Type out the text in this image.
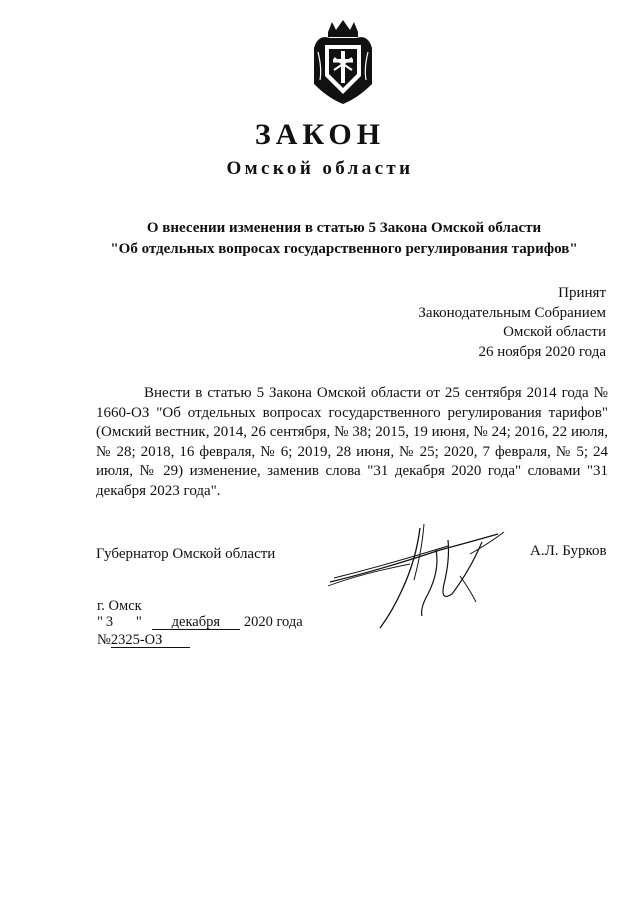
ЗАКОН
Омской области
О внесении изменения в статью 5 Закона Омской области
"Об отдельных вопросах государственного регулирования тарифов"
Принят
Законодательным Собранием
Омской области
26 ноября 2020 года

Внести в статью 5 Закона Омской области от 25 сентября 2014 года № 1660-ОЗ "Об отдельных вопросах государственного регулирования тарифов" (Омский вестник, 2014, 26 сентября, № 38; 2015, 19 июня, № 24; 2016, 22 июля, № 28; 2018, 16 февраля, № 6; 2019, 28 июня, № 25; 2020, 7 февраля, № 5; 24 июля, № 29) изменение, заменив слова "31 декабря 2020 года" словами "31 декабря 2023 года".

Губернатор Омской области	А.Л. Бурков
г. Омск
" 3 " декабря 2020 года
№2325-ОЗ
